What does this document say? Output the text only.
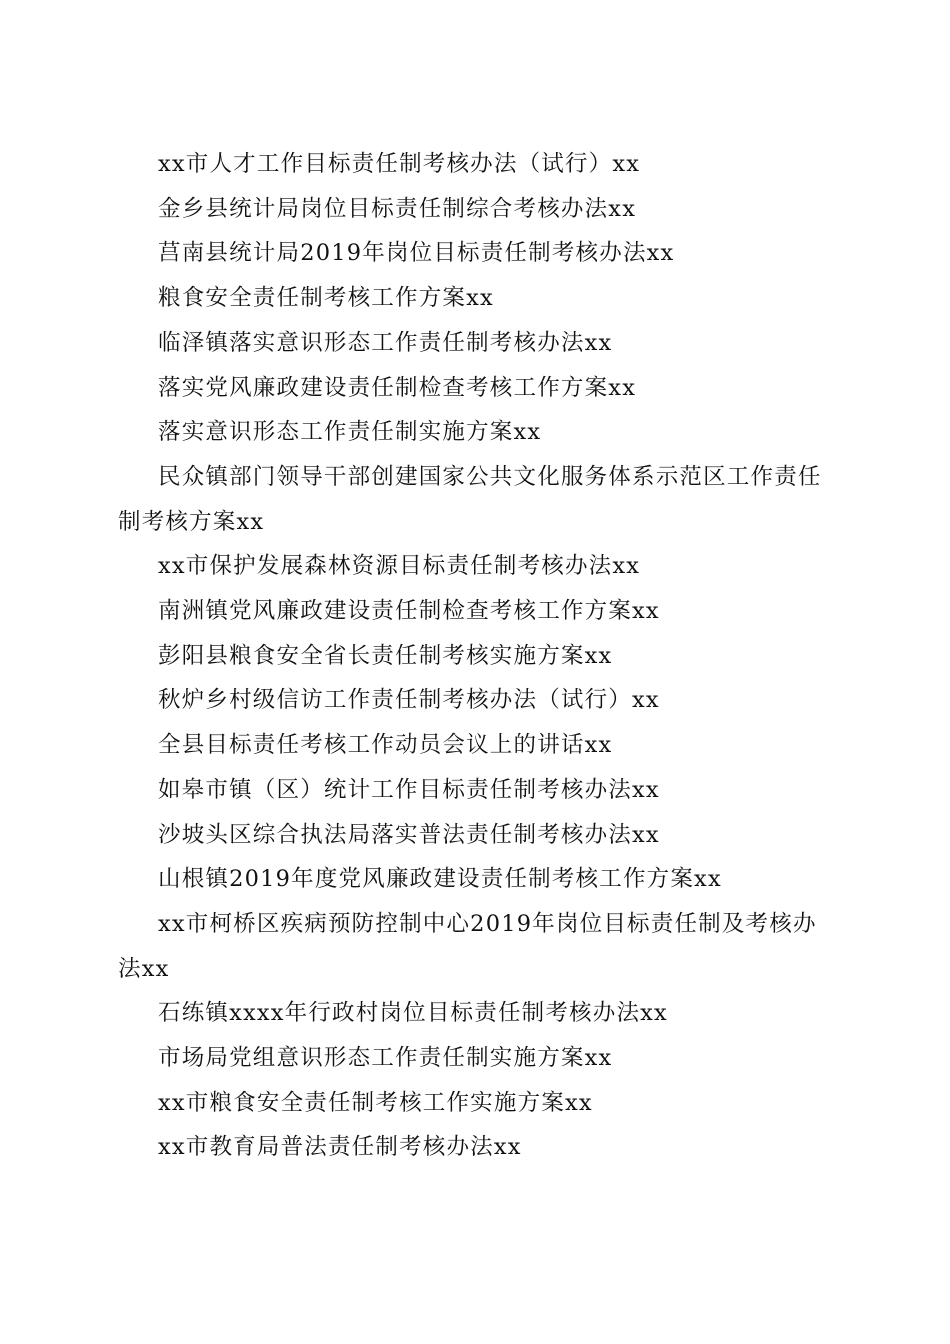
xx市人才工作目标责任制考核办法（试行）xx
金乡县统计局岗位目标责任制综合考核办法xx
莒南县统计局2019年岗位目标责任制考核办法xx
粮食安全责任制考核工作方案xx
临泽镇落实意识形态工作责任制考核办法xx
落实党风廉政建设责任制检查考核工作方案xx
落实意识形态工作责任制实施方案xx
民众镇部门领导干部创建国家公共文化服务体系示范区工作责任制考核方案xx
xx市保护发展森林资源目标责任制考核办法xx
南洲镇党风廉政建设责任制检查考核工作方案xx
彭阳县粮食安全省长责任制考核实施方案xx
秋炉乡村级信访工作责任制考核办法（试行）xx
全县目标责任考核工作动员会议上的讲话xx
如皋市镇（区）统计工作目标责任制考核办法xx
沙坡头区综合执法局落实普法责任制考核办法xx
山根镇2019年度党风廉政建设责任制考核工作方案xx
xx市柯桥区疾病预防控制中心2019年岗位目标责任制及考核办法xx
石练镇xxxx年行政村岗位目标责任制考核办法xx
市场局党组意识形态工作责任制实施方案xx
xx市粮食安全责任制考核工作实施方案xx
xx市教育局普法责任制考核办法xx
